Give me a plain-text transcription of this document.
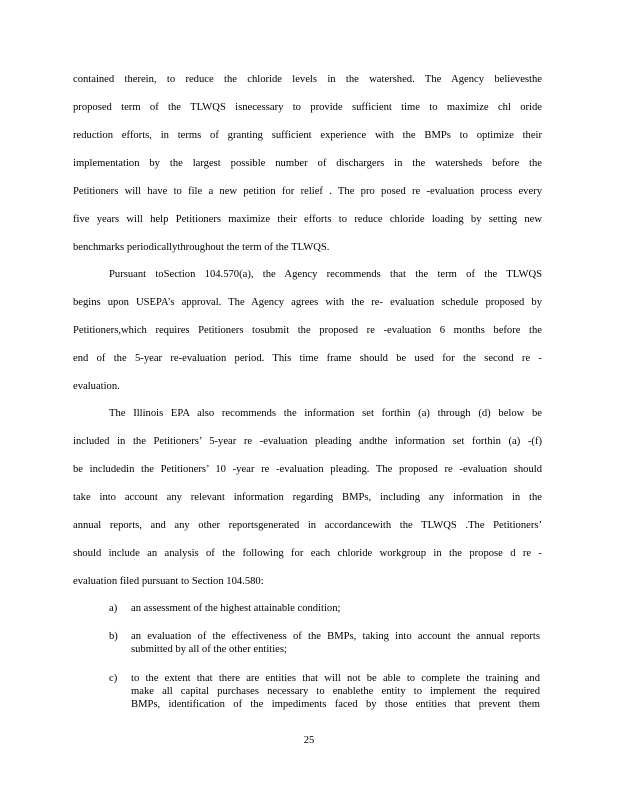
contained therein, to reduce the chloride levels in the watershed. The Agency believesthe
proposed term of the TLWQS isnecessary to provide sufficient time to maximize chl oride
reduction efforts, in terms of granting sufficient experience with the BMPs to optimize their
implementation by the largest possible number of dischargers in the watersheds before the
Petitioners will have to file a new petition for relief . The pro posed re -evaluation process every
five years will help Petitioners maximize their efforts to reduce chloride loading by setting new
benchmarks periodicallythroughout the term of the TLWQS.
Pursuant toSection 104.570(a), the Agency recommends that the term of the TLWQS
begins upon USEPA’s approval. The Agency agrees with the re- evaluation schedule proposed by
Petitioners,which requires Petitioners tosubmit the proposed re -evaluation 6 months before the
end of the 5-year re-evaluation period. This time frame should be used for the second re -
evaluation.
The Illinois EPA also recommends the information set forthin (a) through (d) below be
included in the Petitioners’ 5-year re -evaluation pleading andthe information set forthin (a) -(f)
be includedin the Petitioners’ 10 -year re -evaluation pleading. The proposed re -evaluation should
take into account any relevant information regarding BMPs, including any information in the
annual reports, and any other reportsgenerated in accordancewith the TLWQS .The Petitioners’
should include an analysis of the following for each chloride workgroup in the propose d re -
evaluation filed pursuant to Section 104.580:
a) an assessment of the highest attainable condition;
b) an evaluation of the effectiveness of the BMPs, taking into account the annual reports
submitted by all of the other entities;
c) to the extent that there are entities that will not be able to complete the training and
make all capital purchases necessary to enablethe entity to implement the required
BMPs, identification of the impediments faced by those entities that prevent them
25
